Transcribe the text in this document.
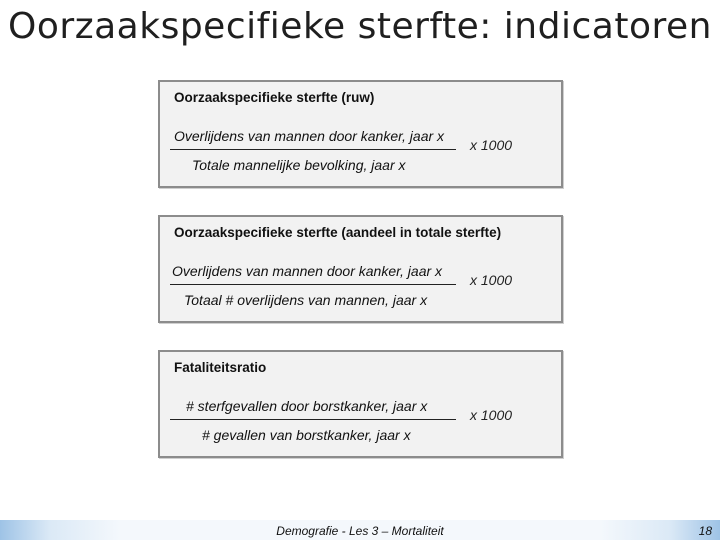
Oorzaakspecifieke sterfte: indicatoren
Oorzaakspecifieke sterfte (ruw)
Overlijdens van mannen door kanker, jaar x
Totale mannelijke bevolking, jaar x
x 1000
Oorzaakspecifieke sterfte (aandeel in totale sterfte)
Overlijdens van mannen door kanker, jaar x
Totaal # overlijdens van mannen, jaar x
x 1000
Fataliteitsratio
# sterfgevallen door borstkanker, jaar x
# gevallen van borstkanker, jaar x
x 1000
Demografie - Les 3 – Mortaliteit	18
